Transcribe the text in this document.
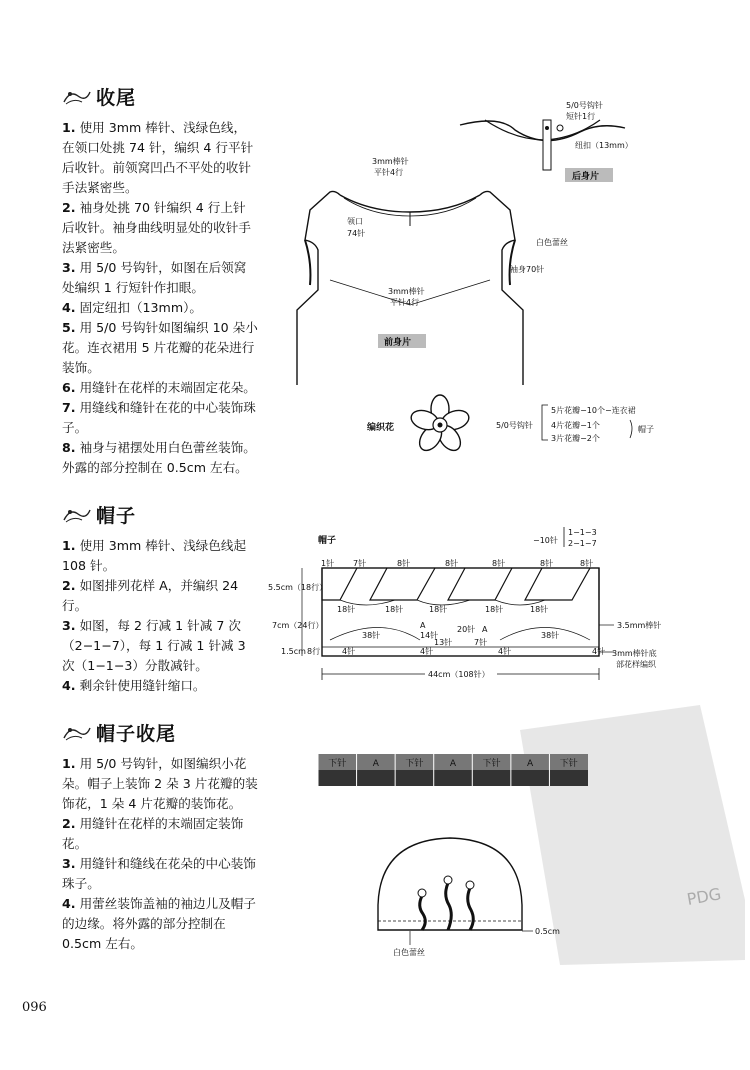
收尾

1. 使用 3mm 棒针、浅绿色线，在领口处挑 74 针，编织 4 行平针后收针。前领窝凹凸不平处的收针手法紧密些。

2. 袖身处挑 70 针编织 4 行上针后收针。袖身曲线明显处的收针手法紧密些。

3. 用 5/0 号钩针，如图在后领窝处编织 1 行短针作扣眼。

4. 固定纽扣（13mm）。

5. 用 5/0 号钩针如图编织 10 朵小花。连衣裙用 5 片花瓣的花朵进行装饰。

6. 用缝针在花样的末端固定花朵。

7. 用缝线和缝针在花的中心装饰珠子。

8. 袖身与裙摆处用白色蕾丝装饰。外露的部分控制在 0.5cm 左右。

帽子

1. 使用 3mm 棒针、浅绿色线起 108 针。

2. 如图排列花样 A，并编织 24 行。

3. 如图，每 2 行减 1 针减 7 次（2−1−7），每 1 行减 1 针减 3 次（1−1−3）分散减针。

4. 剩余针使用缝针缩口。

帽子收尾

1. 用 5/0 号钩针，如图编织小花朵。帽子上装饰 2 朵 3 片花瓣的装饰花，1 朵 4 片花瓣的装饰花。

2. 用缝针在花样的末端固定装饰花。

3. 用缝针和缝线在花朵的中心装饰珠子。

4. 用蕾丝装饰盖袖的袖边儿及帽子的边缘。将外露的部分控制在 0.5cm 左右。

096
PDG
5/0号钩针
短针1行
纽扣（13mm）
后身片
3mm棒针
平针4行
领口
74针
白色蕾丝
袖身70针
3mm棒针
平针4行
前身片
编织花	5/0号钩针
5片花瓣−10个−连衣裙
4片花瓣−1个
3片花瓣−2个
帽子
帽子
1针 7针	8针	8针	8针	8针	8针
−10针
1−1−3
2−1−7
5.5cm（18行）
7cm（24行）
1.5cm 8行
18针	18针	18针	18针	18针
38针	38针
14针
20针
A	A
13针	7针
4针	4针	4针	4针
3.5mm棒针
3mm棒针底
部花样编织
44cm（108针）
下针	A	下针	A	下针	A	下针
0.5cm
白色蕾丝
